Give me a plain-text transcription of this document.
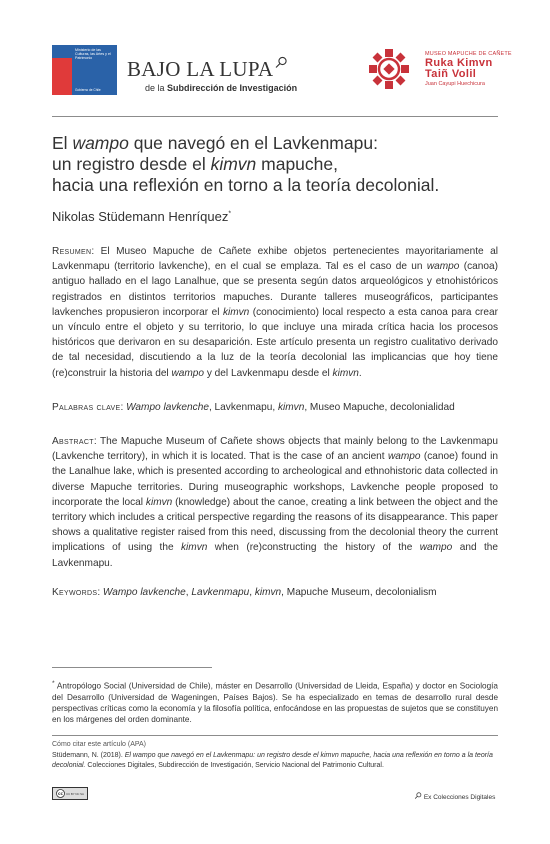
Ministerio de las Culturas, las Artes y el Patrimonio
Gobierno de Chile
BAJO LA LUPA
de la Subdirección de Investigación
MUSEO MAPUCHE DE CAÑETE
Ruka Kimvn
Taiñ Volil
Juan Cayupi Huechicura
El wampo que navegó en el Lavkenmapu:
un registro desde el kimvn mapuche,
hacia una reflexión en torno a la teoría decolonial.
Nikolas Stüdemann Henríquez*
Resumen: El Museo Mapuche de Cañete exhibe objetos pertenecientes mayoritariamente al Lavkenmapu (territorio lavkenche), en el cual se emplaza. Tal es el caso de un wampo (canoa) antiguo hallado en el lago Lanalhue, que se presenta según datos arqueológicos y etnohistóricos registrados en distintos territorios mapuches. Durante talleres museográficos, participantes lavkenches propusieron incorporar el kimvn (conocimiento) local respecto a esta canoa para crear un vínculo entre el objeto y su territorio, lo que incluye una mirada crítica hacia los procesos históricos que derivaron en su desaparición. Este artículo presenta un registro cualitativo derivado de tal necesidad, discutiendo a la luz de la teoría decolonial las implicancias que hoy tiene (re)construir la historia del wampo y del Lavkenmapu desde el kimvn.
Palabras clave: Wampo lavkenche, Lavkenmapu, kimvn, Museo Mapuche, decolonialidad
Abstract: The Mapuche Museum of Cañete shows objects that mainly belong to the Lavkenmapu (Lavkenche territory), in which it is located. That is the case of an ancient wampo (canoe) found in the Lanalhue lake, which is presented according to archeological and ethnohistoric data collected in diverse Mapuche territories. During museographic workshops, Lavkenche people proposed to incorporate the local kimvn (knowledge) about the canoe, creating a link between the object and the territory which includes a critical perspective regarding the reasons of its disappearance. This paper shows a qualitative register raised from this need, discussing from the decolonial theory the current implications of using the kimvn when (re)constructing the history of the wampo and the Lavkenmapu.
Keywords: Wampo lavkenche, Lavkenmapu, kimvn, Mapuche Museum, decolonialism
* Antropólogo Social (Universidad de Chile), máster en Desarrollo (Universidad de Lleida, España) y doctor en Sociología del Desarrollo (Universidad de Wageningen, Países Bajos). Se ha especializado en temas de desarrollo rural desde perspectivas críticas como la economía y la filosofía política, enfocándose en las propuestas de sujetos que se constituyen en los márgenes del orden dominante.
Cómo citar este artículo (APA)
Stüdemann, N. (2018). El wampo que navegó en el Lavkenmapu: un registro desde el kimvn mapuche, hacia una reflexión en torno a la teoría decolonial. Colecciones Digitales, Subdirección de Investigación, Servicio Nacional del Patrimonio Cultural.
cc CC BY NC SA
Ex Colecciones Digitales
